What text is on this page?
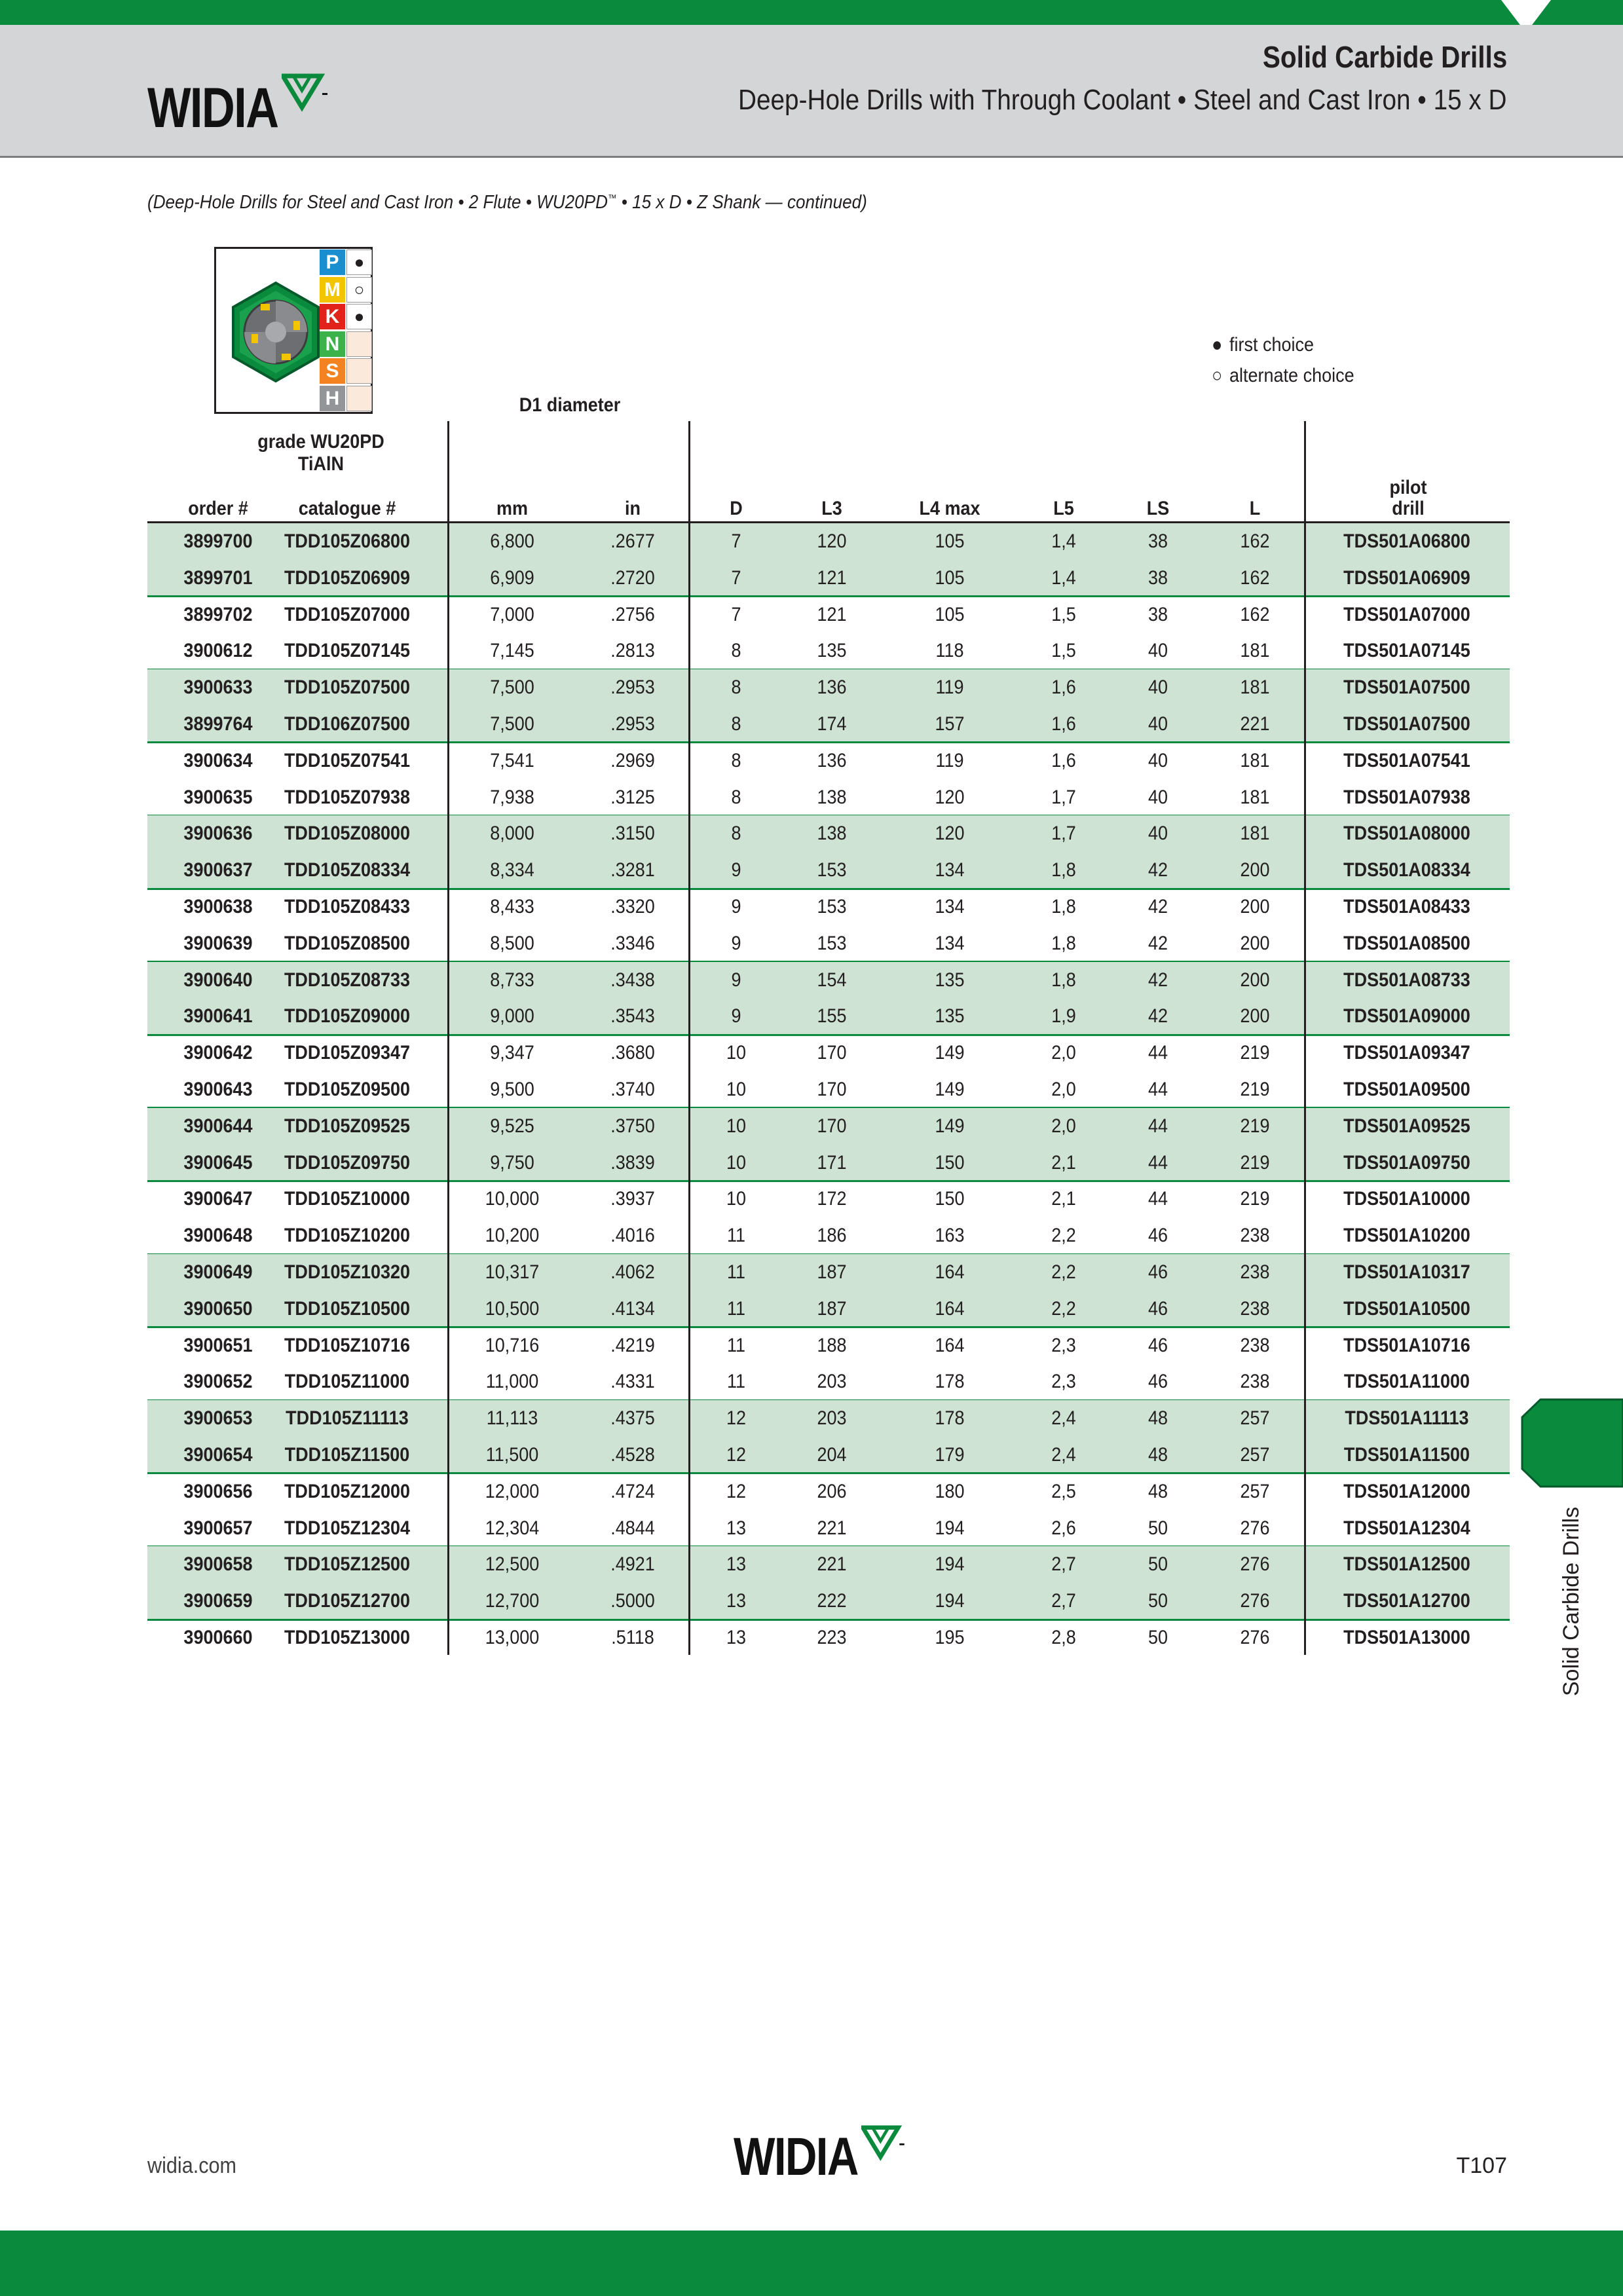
WIDIA
Solid Carbide Drills
Deep-Hole Drills with Through Coolant • Steel and Cast Iron • 15 x D
(Deep-Hole Drills for Steel and Cast Iron • 2 Flute • WU20PD™ • 15 x D • Z Shank — continued)
P ●
M ○
K ●
N
S
H
● first choice
○ alternate choice
grade WU20PD
TiAlN
D1 diameter
pilot
drill
order #	catalogue #	mm	in	D	L3	L4 max	L5	LS	L
3899700	TDD105Z06800	6,800	.2677	7	120	105	1,4	38	162	TDS501A06800
3899701	TDD105Z06909	6,909	.2720	7	121	105	1,4	38	162	TDS501A06909
3899702	TDD105Z07000	7,000	.2756	7	121	105	1,5	38	162	TDS501A07000
3900612	TDD105Z07145	7,145	.2813	8	135	118	1,5	40	181	TDS501A07145
3900633	TDD105Z07500	7,500	.2953	8	136	119	1,6	40	181	TDS501A07500
3899764	TDD106Z07500	7,500	.2953	8	174	157	1,6	40	221	TDS501A07500
3900634	TDD105Z07541	7,541	.2969	8	136	119	1,6	40	181	TDS501A07541
3900635	TDD105Z07938	7,938	.3125	8	138	120	1,7	40	181	TDS501A07938
3900636	TDD105Z08000	8,000	.3150	8	138	120	1,7	40	181	TDS501A08000
3900637	TDD105Z08334	8,334	.3281	9	153	134	1,8	42	200	TDS501A08334
3900638	TDD105Z08433	8,433	.3320	9	153	134	1,8	42	200	TDS501A08433
3900639	TDD105Z08500	8,500	.3346	9	153	134	1,8	42	200	TDS501A08500
3900640	TDD105Z08733	8,733	.3438	9	154	135	1,8	42	200	TDS501A08733
3900641	TDD105Z09000	9,000	.3543	9	155	135	1,9	42	200	TDS501A09000
3900642	TDD105Z09347	9,347	.3680	10	170	149	2,0	44	219	TDS501A09347
3900643	TDD105Z09500	9,500	.3740	10	170	149	2,0	44	219	TDS501A09500
3900644	TDD105Z09525	9,525	.3750	10	170	149	2,0	44	219	TDS501A09525
3900645	TDD105Z09750	9,750	.3839	10	171	150	2,1	44	219	TDS501A09750
3900647	TDD105Z10000	10,000	.3937	10	172	150	2,1	44	219	TDS501A10000
3900648	TDD105Z10200	10,200	.4016	11	186	163	2,2	46	238	TDS501A10200
3900649	TDD105Z10320	10,317	.4062	11	187	164	2,2	46	238	TDS501A10317
3900650	TDD105Z10500	10,500	.4134	11	187	164	2,2	46	238	TDS501A10500
3900651	TDD105Z10716	10,716	.4219	11	188	164	2,3	46	238	TDS501A10716
3900652	TDD105Z11000	11,000	.4331	11	203	178	2,3	46	238	TDS501A11000
3900653	TDD105Z11113	11,113	.4375	12	203	178	2,4	48	257	TDS501A11113
3900654	TDD105Z11500	11,500	.4528	12	204	179	2,4	48	257	TDS501A11500
3900656	TDD105Z12000	12,000	.4724	12	206	180	2,5	48	257	TDS501A12000
3900657	TDD105Z12304	12,304	.4844	13	221	194	2,6	50	276	TDS501A12304
3900658	TDD105Z12500	12,500	.4921	13	221	194	2,7	50	276	TDS501A12500
3900659	TDD105Z12700	12,700	.5000	13	222	194	2,7	50	276	TDS501A12700
3900660	TDD105Z13000	13,000	.5118	13	223	195	2,8	50	276	TDS501A13000	Solid Carbide Drills
widia.com	WIDIA	T107
